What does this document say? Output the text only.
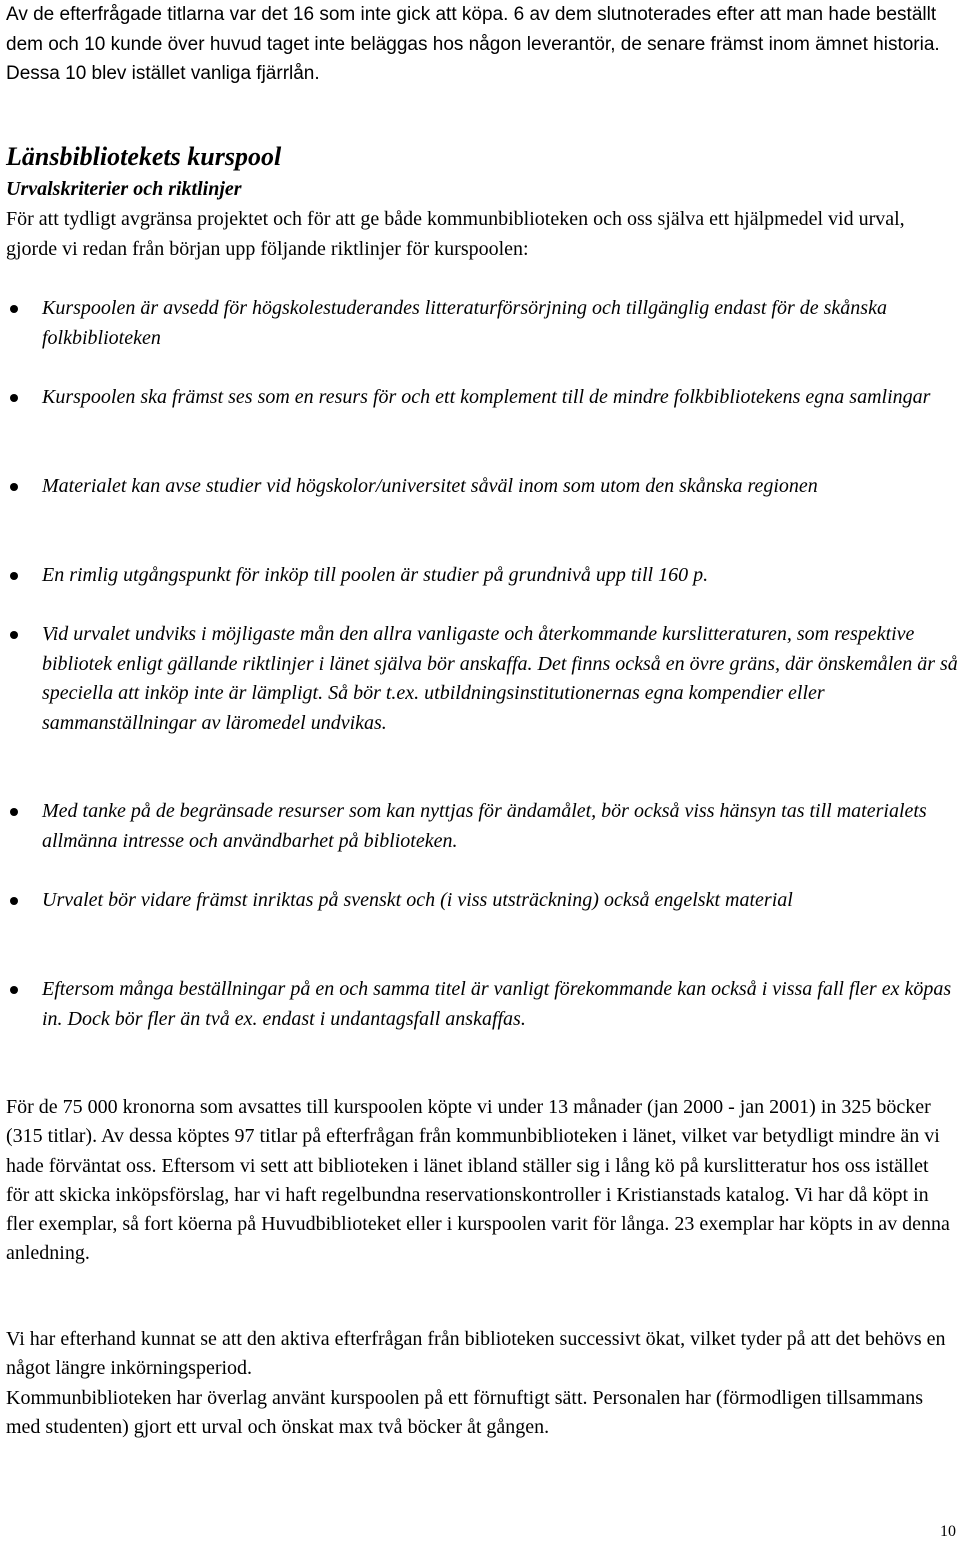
Av de efterfrågade titlarna var det 16 som inte gick att köpa. 6 av dem slutnoterades efter att man hade beställt dem och 10 kunde över huvud taget inte beläggas hos någon leverantör, de senare främst inom ämnet historia. Dessa 10 blev istället vanliga fjärrlån.

Länsbibliotekets kurspool
Urvalskriterier och riktlinjer

För att tydligt avgränsa projektet och för att ge både kommunbiblioteken och oss själva ett hjälpmedel vid urval, gjorde vi redan från början upp följande riktlinjer för kurspoolen:

Kurspoolen är avsedd för högskolestuderandes litteraturförsörjning och tillgänglig endast för de skånska folkbiblioteken
Kurspoolen ska främst ses som en resurs för och ett komplement till de mindre folkbibliotekens egna samlingar
Materialet kan avse studier vid högskolor/universitet såväl inom som utom den skånska regionen
En rimlig utgångspunkt för inköp till poolen är studier på grundnivå upp till 160 p.
Vid urvalet undviks i möjligaste mån den allra vanligaste och återkommande kurslitteraturen, som respektive bibliotek enligt gällande riktlinjer i länet själva bör anskaffa. Det finns också en övre gräns, där önskemålen är så speciella att inköp inte är lämpligt. Så bör t.ex. utbildningsinstitutionernas egna kompendier eller sammanställningar av läromedel undvikas.
Med tanke på de begränsade resurser som kan nyttjas för ändamålet, bör också viss hänsyn tas till materialets allmänna intresse och användbarhet på biblioteken.
Urvalet bör vidare främst inriktas på svenskt och (i viss utsträckning) också engelskt material
Eftersom många beställningar på en och samma titel är vanligt förekommande kan också i vissa fall fler ex köpas in. Dock bör fler än två ex. endast i undantagsfall anskaffas.

För de 75 000 kronorna som avsattes till kurspoolen köpte vi under 13 månader (jan 2000 - jan 2001) in 325 böcker (315 titlar). Av dessa köptes 97 titlar på efterfrågan från kommunbiblioteken i länet, vilket var betydligt mindre än vi hade förväntat oss. Eftersom vi sett att biblioteken i länet ibland ställer sig i lång kö på kurslitteratur hos oss istället för att skicka inköpsförslag, har vi haft regelbundna reservationskontroller i Kristianstads katalog. Vi har då köpt in fler exemplar, så fort köerna på Huvudbiblioteket eller i kurspoolen varit för långa. 23 exemplar har köpts in av denna anledning.

Vi har efterhand kunnat se att den aktiva efterfrågan från biblioteken successivt ökat, vilket tyder på att det behövs en något längre inkörningsperiod.

Kommunbiblioteken har överlag använt kurspoolen på ett förnuftigt sätt. Personalen har (förmodligen tillsammans med studenten) gjort ett urval och önskat max två böcker åt gången.

10
